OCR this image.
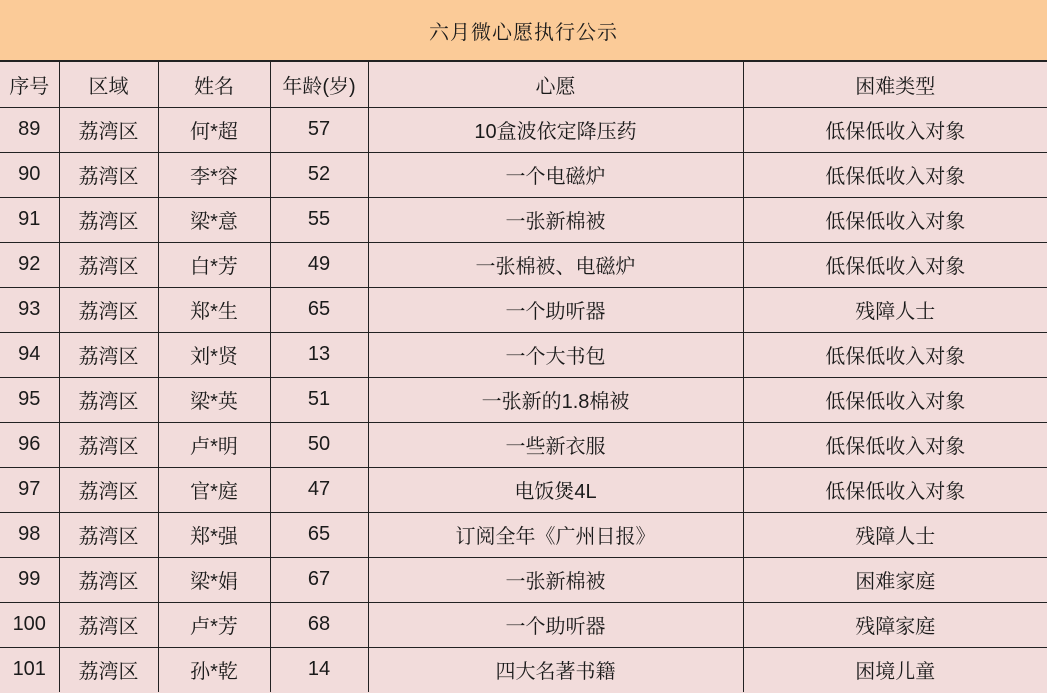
六月微心愿执行公示
序号	区域	姓名	年龄(岁)	心愿	困难类型
89	荔湾区	何*超	57	10盒波依定降压药	低保低收入对象
90	荔湾区	李*容	52	一个电磁炉	低保低收入对象
91	荔湾区	梁*意	55	一张新棉被	低保低收入对象
92	荔湾区	白*芳	49	一张棉被、电磁炉	低保低收入对象
93	荔湾区	郑*生	65	一个助听器	残障人士
94	荔湾区	刘*贤	13	一个大书包	低保低收入对象
95	荔湾区	梁*英	51	一张新的1.8棉被	低保低收入对象
96	荔湾区	卢*明	50	一些新衣服	低保低收入对象
97	荔湾区	官*庭	47	电饭煲4L	低保低收入对象
98	荔湾区	郑*强	65	订阅全年《广州日报》	残障人士
99	荔湾区	梁*娟	67	一张新棉被	困难家庭
100	荔湾区	卢*芳	68	一个助听器	残障家庭
101	荔湾区	孙*乾	14	四大名著书籍	困境儿童
